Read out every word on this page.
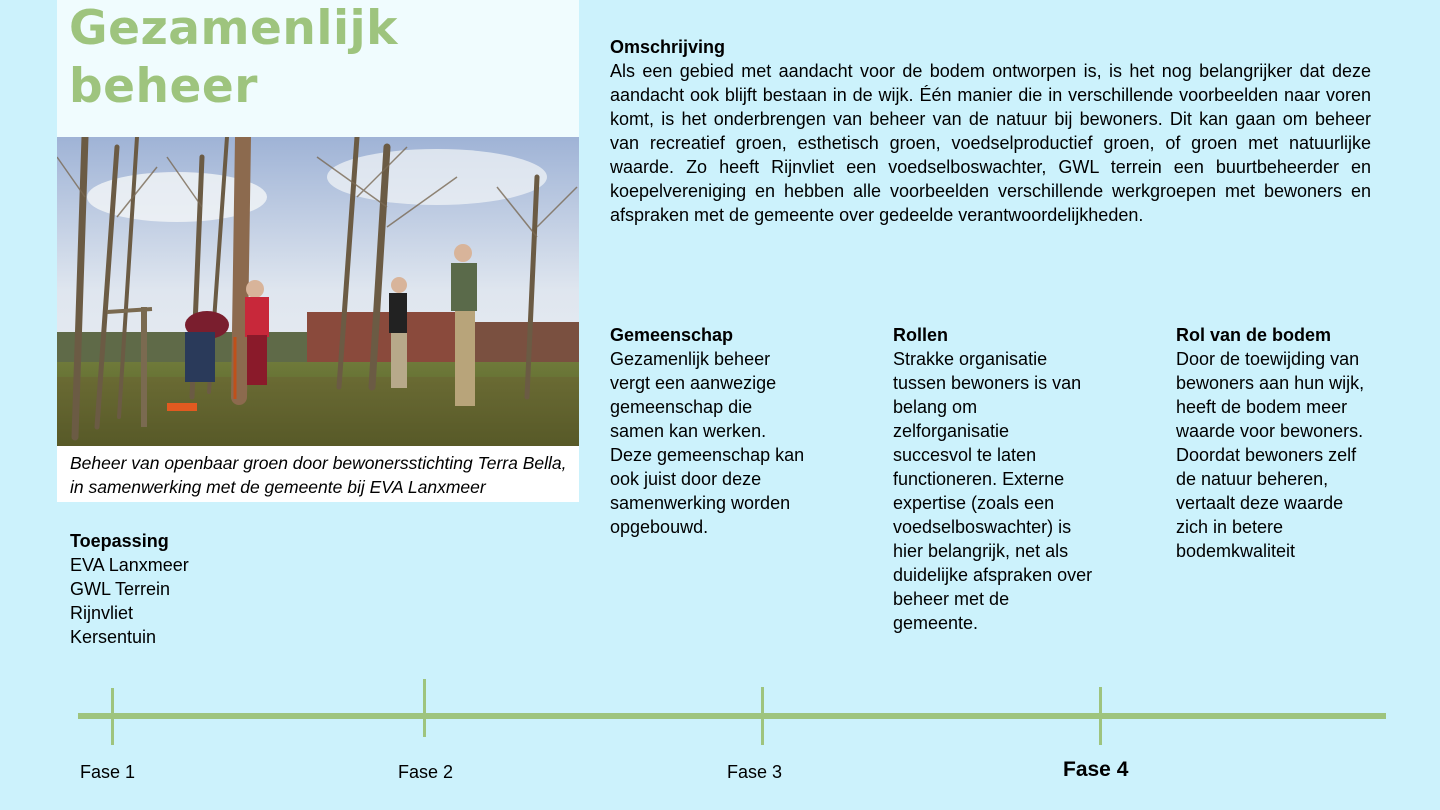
Gezamenlijk
beheer
Beheer van openbaar groen door bewonersstichting Terra Bella, in samenwerking met de gemeente bij EVA Lanxmeer
Omschrijving
Als een gebied met aandacht voor de bodem ontworpen is, is het nog belangrijker dat deze aandacht ook blijft bestaan in de wijk. Één manier die in verschillende voorbeelden naar voren komt, is het onderbrengen van beheer van de natuur bij bewoners. Dit kan gaan om beheer van recreatief groen, esthetisch groen, voedselproductief groen, of groen met natuurlijke waarde. Zo heeft Rijnvliet een voedselboswachter, GWL terrein een buurtbeheerder en koepelvereniging en hebben alle voorbeelden verschillende werkgroepen met bewoners en afspraken met de gemeente over gedeelde verantwoordelijkheden.
Gemeenschap
Gezamenlijk beheer vergt een aanwezige gemeenschap die samen kan werken. Deze gemeenschap kan ook juist door deze samenwerking worden opgebouwd.
Rollen
Strakke organisatie tussen bewoners is van belang om zelforganisatie succesvol te laten functioneren. Externe expertise (zoals een voedselboswachter) is hier belangrijk, net als duidelijke afspraken over beheer met de gemeente.
Rol van de bodem
Door de toewijding van bewoners aan hun wijk, heeft de bodem meer waarde voor bewoners. Doordat bewoners zelf de natuur beheren, vertaalt deze waarde zich in betere bodemkwaliteit
Toepassing
EVA Lanxmeer
GWL Terrein
Rijnvliet
Kersentuin
Fase 1	Fase 2	Fase 3	Fase 4
